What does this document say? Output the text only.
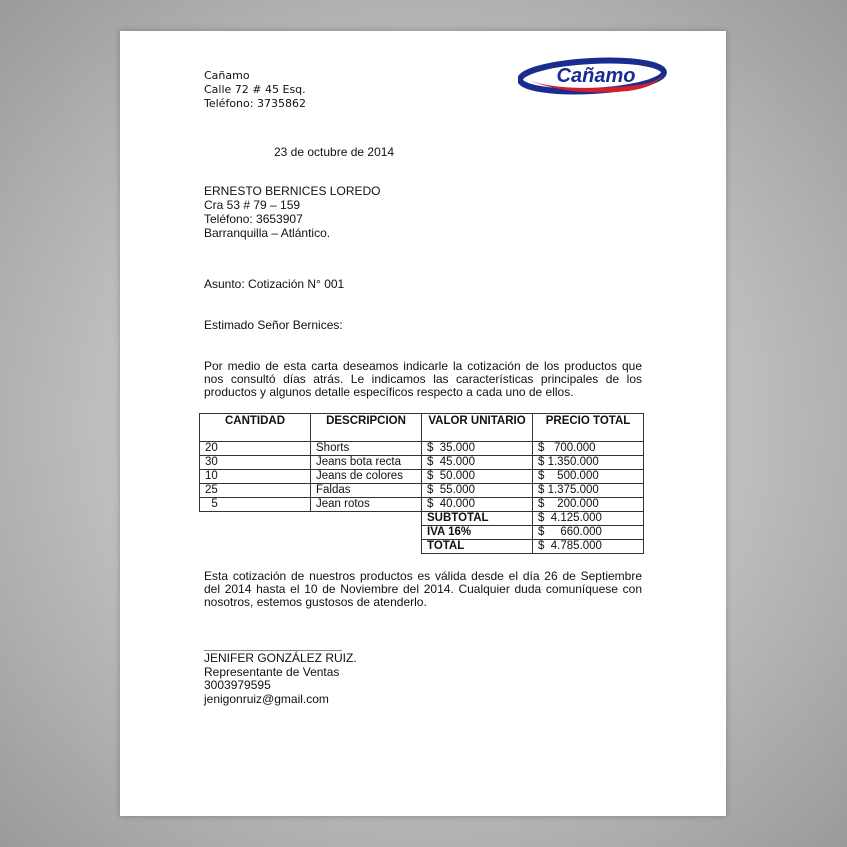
Cañamo
Calle 72 # 45 Esq.
Teléfono: 3735862
Cañamo
23 de octubre de 2014
ERNESTO BERNICES LOREDO
Cra 53 # 79 – 159
Teléfono: 3653907
Barranquilla – Atlántico.
Asunto: Cotización N° 001
Estimado Señor Bernices:
Por medio de esta carta deseamos indicarle la cotización de los productos que nos consultó días atrás. Le indicamos las características principales de los productos y algunos detalle específicos respecto a cada uno de ellos.
CANTIDAD	DESCRIPCION	VALOR UNITARIO	PRECIO TOTAL
20	Shorts	$  35.000	$   700.000
30	Jeans bota recta	$  45.000	$ 1.350.000
10	Jeans de colores	$  50.000	$    500.000
25	Faldas	$  55.000	$ 1.375.000
5	Jean rotos	$  40.000	$    200.000
		SUBTOTAL	$  4.125.000
		IVA 16%	$     660.000
		TOTAL	$  4.785.000
Esta cotización de nuestros productos es válida desde el día 26 de Septiembre del 2014 hasta el 10 de Noviembre del 2014. Cualquier duda comuníquese con nosotros, estemos gustosos de atenderlo.
JENIFER GONZÁLEZ RUIZ.
Representante de Ventas
3003979595
jenigonruiz@gmail.com
